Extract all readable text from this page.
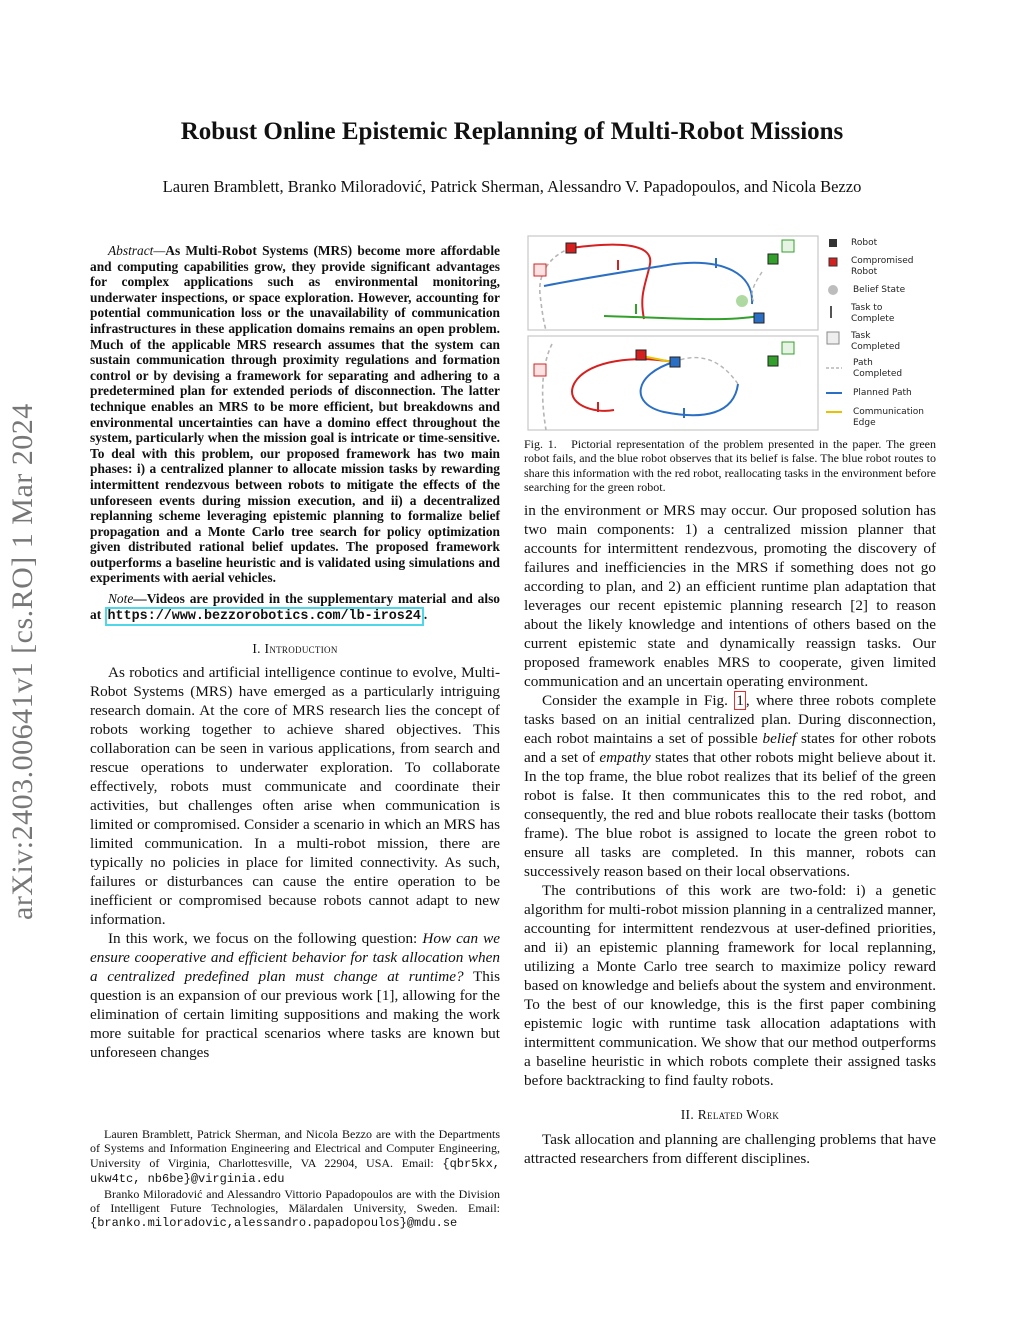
Robust Online Epistemic Replanning of Multi-Robot Missions
Lauren Bramblett, Branko Miloradović, Patrick Sherman, Alessandro V. Papadopoulos, and Nicola Bezzo
arXiv:2403.00641v1 [cs.RO] 1 Mar 2024
Abstract—As Multi-Robot Systems (MRS) become more affordable and computing capabilities grow, they provide significant advantages for complex applications such as environmental monitoring, underwater inspections, or space exploration. However, accounting for potential communication loss or the unavailability of communication infrastructures in these application domains remains an open problem. Much of the applicable MRS research assumes that the system can sustain communication through proximity regulations and formation control or by devising a framework for separating and adhering to a predetermined plan for extended periods of disconnection. The latter technique enables an MRS to be more efficient, but breakdowns and environmental uncertainties can have a domino effect throughout the system, particularly when the mission goal is intricate or time-sensitive. To deal with this problem, our proposed framework has two main phases: i) a centralized planner to allocate mission tasks by rewarding intermittent rendezvous between robots to mitigate the effects of the unforeseen events during mission execution, and ii) a decentralized replanning scheme leveraging epistemic planning to formalize belief propagation and a Monte Carlo tree search for policy optimization given distributed rational belief updates. The proposed framework outperforms a baseline heuristic and is validated using simulations and experiments with aerial vehicles.
Note—Videos are provided in the supplementary material and also at https://www.bezzorobotics.com/lb-iros24 .
I. Introduction

As robotics and artificial intelligence continue to evolve, Multi-Robot Systems (MRS) have emerged as a particularly intriguing research domain. At the core of MRS research lies the concept of robots working together to achieve shared objectives. This collaboration can be seen in various applications, from search and rescue operations to underwater exploration. To collaborate effectively, robots must communicate and coordinate their activities, but challenges often arise when communication is limited or compromised. Consider a scenario in which an MRS has limited communication. In a multi-robot mission, there are typically no policies in place for limited connectivity. As such, failures or disturbances can cause the entire operation to be inefficient or compromised because robots cannot adapt to new information.

In this work, we focus on the following question: How can we ensure cooperative and efficient behavior for task allocation when a centralized predefined plan must change at runtime? This question is an expansion of our previous work [1], allowing for the elimination of certain limiting suppositions and making the work more suitable for practical scenarios where tasks are known but unforeseen changes

Lauren Bramblett, Patrick Sherman, and Nicola Bezzo are with the Departments of Systems and Information Engineering and Electrical and Computer Engineering, University of Virginia, Charlottesville, VA 22904, USA. Email: {qbr5kx, ukw4tc, nb6be}@virginia.edu
Branko Miloradović and Alessandro Vittorio Papadopoulos are with the Division of Intelligent Future Technologies, Mälardalen University, Sweden. Email: {branko.miloradovic,alessandro.papadopoulos}@mdu.se
Robot
Compromised
Robot
Belief State
Task to
Complete
Task
Completed
Path
Completed
Planned Path
Communication
Edge
Fig. 1. Pictorial representation of the problem presented in the paper. The green robot fails, and the blue robot observes that its belief is false. The blue robot routes to share this information with the red robot, reallocating tasks in the environment before searching for the green robot.

in the environment or MRS may occur. Our proposed solution has two main components: 1) a centralized mission planner that accounts for intermittent rendezvous, promoting the discovery of failures and inefficiencies in the MRS if something does not go according to plan, and 2) an efficient runtime plan adaptation that leverages our recent epistemic planning research [2] to reason about the likely knowledge and intentions of others based on the current epistemic state and dynamically reassign tasks. Our proposed framework enables MRS to cooperate, given limited communication and an uncertain operating environment.

Consider the example in Fig. 1 , where three robots complete tasks based on an initial centralized plan. During disconnection, each robot maintains a set of possible belief states for other robots and a set of empathy states that other robots might believe about it. In the top frame, the blue robot realizes that its belief of the green robot is false. It then communicates this to the red robot, and consequently, the red and blue robots reallocate their tasks (bottom frame). The blue robot is assigned to locate the green robot to ensure all tasks are completed. In this manner, robots can successively reason based on their local observations.

The contributions of this work are two-fold: i) a genetic algorithm for multi-robot mission planning in a centralized manner, accounting for intermittent rendezvous at user-defined priorities, and ii) an epistemic planning framework for local replanning, utilizing a Monte Carlo tree search to maximize policy reward based on knowledge and beliefs about the system and environment. To the best of our knowledge, this is the first paper combining epistemic logic with runtime task allocation adaptations with intermittent communication. We show that our method outperforms a baseline heuristic in which robots complete their assigned tasks before backtracking to find faulty robots.

II. Related Work

Task allocation and planning are challenging problems that have attracted researchers from different disciplines.
